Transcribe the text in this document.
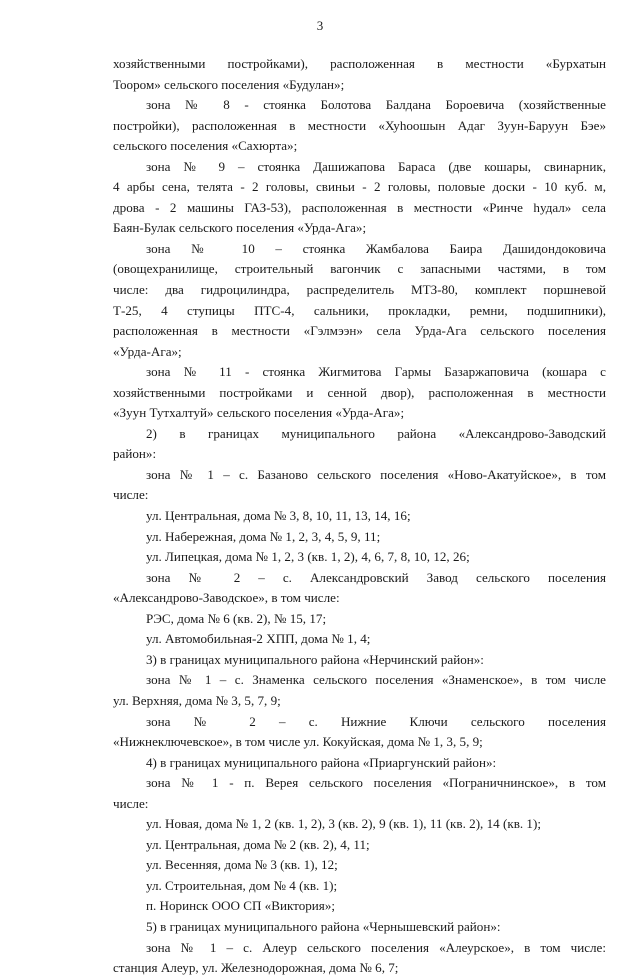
3
хозяйственными постройками), расположенная в местности «Бурхатын
Тоором» сельского поселения «Будулан»;
зона № 8 - стоянка Болотова Балдана Бороевича (хозяйственные
постройки), расположенная в местности «Хуhоошын Адаг Зуун-Баруун Бэе»
сельского поселения «Сахюрта»;
зона № 9 – стоянка Дашижапова Бараса (две кошары, свинарник,
4 арбы сена, телята - 2 головы, свиньи - 2 головы, половые доски - 10 куб. м,
дрова - 2 машины ГАЗ-53), расположенная в местности «Ринче hудал» села
Баян-Булак сельского поселения «Урда-Ага»;
зона № 10 – стоянка Жамбалова Баира Дашидондоковича
(овощехранилище, строительный вагончик с запасными частями, в том
числе: два гидроцилиндра, распределитель МТЗ-80, комплект поршневой
Т-25, 4 ступицы ПТС-4, сальники, прокладки, ремни, подшипники),
расположенная в местности «Гэлмээн» села Урда-Ага сельского поселения
«Урда-Ага»;
зона № 11 - стоянка Жигмитова Гармы Базаржаповича (кошара с
хозяйственными постройками и сенной двор), расположенная в местности
«Зуун Тутхалтуй» сельского поселения «Урда-Ага»;
2) в границах муниципального района «Александрово-Заводский
район»:
зона № 1 – с. Базаново сельского поселения «Ново-Акатуйское», в том
числе:
ул. Центральная, дома № 3, 8, 10, 11, 13, 14, 16;
ул. Набережная, дома № 1, 2, 3, 4, 5, 9, 11;
ул. Липецкая, дома № 1, 2, 3 (кв. 1, 2), 4, 6, 7, 8, 10, 12, 26;
зона № 2 – с. Александровский Завод сельского поселения
«Александрово-Заводское», в том числе:
РЭС, дома № 6 (кв. 2), № 15, 17;
ул. Автомобильная-2 ХПП, дома № 1, 4;
3) в границах муниципального района «Нерчинский район»:
зона № 1 – с. Знаменка сельского поселения «Знаменское», в том числе
ул. Верхняя, дома № 3, 5, 7, 9;
зона № 2 – с. Нижние Ключи сельского поселения
«Нижнеключевское», в том числе ул. Кокуйская, дома № 1, 3, 5, 9;
4) в границах муниципального района «Приаргунский район»:
зона № 1 - п. Верея сельского поселения «Пограничнинское», в том
числе:
ул. Новая, дома № 1, 2 (кв. 1, 2), 3 (кв. 2), 9 (кв. 1), 11 (кв. 2), 14 (кв. 1);
ул. Центральная, дома № 2 (кв. 2), 4, 11;
ул. Весенняя, дома № 3 (кв. 1), 12;
ул. Строительная, дом № 4 (кв. 1);
п. Норинск ООО СП «Виктория»;
5) в границах муниципального района «Чернышевский район»:
зона № 1 – с. Алеур сельского поселения «Алеурское», в том числе:
станция Алеур, ул. Железнодорожная, дома № 6, 7;
